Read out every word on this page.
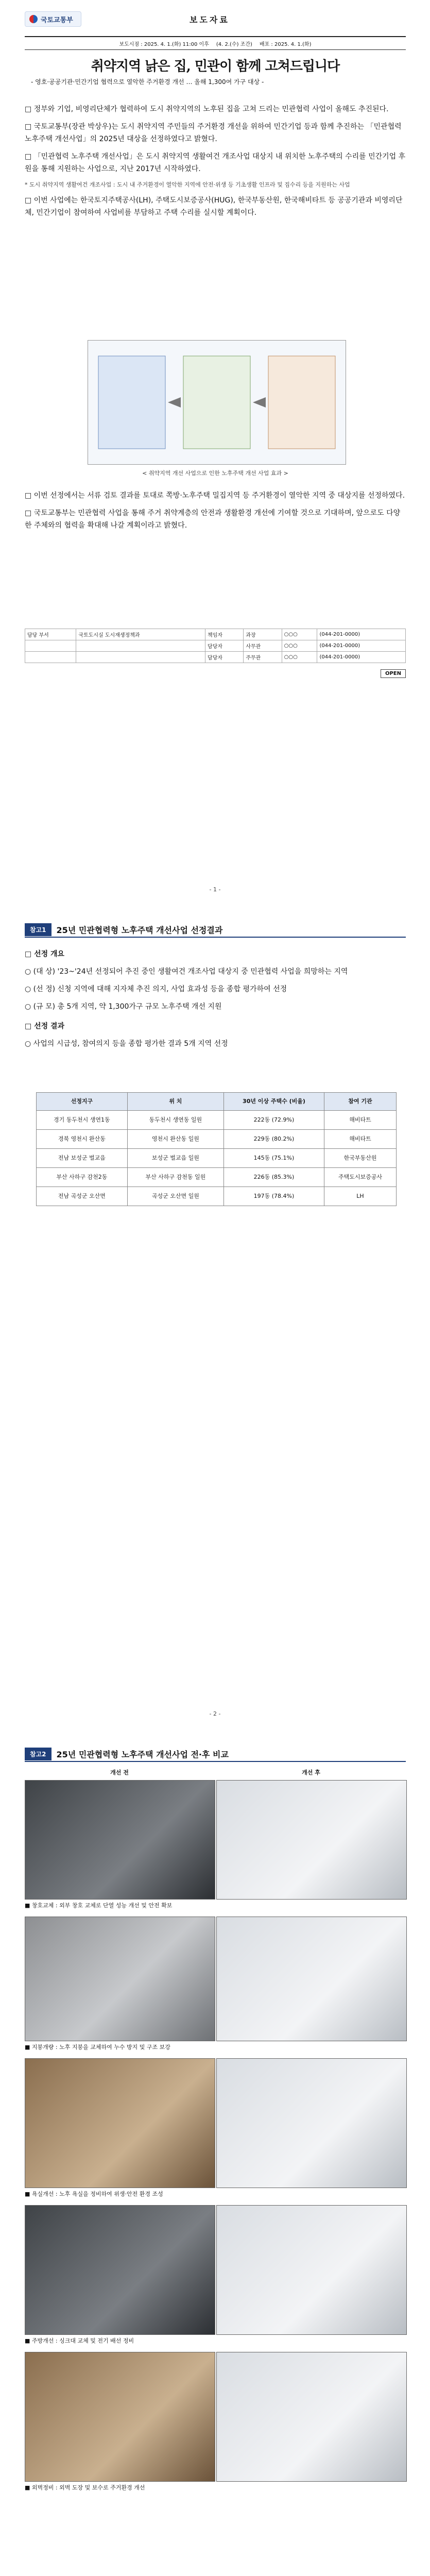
국토교통부	보도자료
보도시점 : 2025. 4. 1.(화) 11:00 이후 (4. 2.(수) 조간) 배포 : 2025. 4. 1.(화)
취약지역 낡은 집, 민관이 함께 고쳐드립니다
- 영호·공공기관·민간기업 협력으로 열악한 주거환경 개선 … 올해 1,300여 가구 대상 -

□ 정부와 기업, 비영리단체가 협력하여 도시 취약지역의 노후된 집을 고쳐 드리는 민관협력 사업이 올해도 추진된다.

□ 국토교통부(장관 박상우)는 도시 취약지역 주민들의 주거환경 개선을 위하여 민간기업 등과 함께 추진하는 「민관협력 노후주택 개선사업」의 2025년 대상을 선정하였다고 밝혔다.

□ 「민관협력 노후주택 개선사업」은 도시 취약지역 생활여건 개조사업 대상지 내 위치한 노후주택의 수리를 민간기업 후원을 통해 지원하는 사업으로, 지난 2017년 시작하였다.

* 도시 취약지역 생활여건 개조사업 : 도시 내 주거환경이 열악한 지역에 안전·위생 등 기초생활 인프라 및 집수리 등을 지원하는 사업

□ 이번 사업에는 한국토지주택공사(LH), 주택도시보증공사(HUG), 한국부동산원, 한국해비타트 등 공공기관과 비영리단체, 민간기업이 참여하여 사업비를 부담하고 주택 수리를 실시할 계획이다.

< 취약지역 개선 사업으로 인한 노후주택 개선 사업 효과 >

□ 이번 선정에서는 서류 검토 결과를 토대로 쪽방·노후주택 밀집지역 등 주거환경이 열악한 지역 중 대상지를 선정하였다.

□ 국토교통부는 민관협력 사업을 통해 주거 취약계층의 안전과 생활환경 개선에 기여할 것으로 기대하며, 앞으로도 다양한 주체와의 협력을 확대해 나갈 계획이라고 밝혔다.

담당 부서	국토도시실 도시재생정책과	책임자	과장	○○○	(044-201-0000)
		담당자	사무관	○○○	(044-201-0000)
		담당자	주무관	○○○	(044-201-0000)
OPEN
- 1 -
참고1	25년 민관협력형 노후주택 개선사업 선정결과

□ 선정 개요

○ (대 상) '23~'24년 선정되어 추진 중인 생활여건 개조사업 대상지 중 민관협력 사업을 희망하는 지역

○ (선 정) 신청 지역에 대해 지자체 추진 의지, 사업 효과성 등을 종합 평가하여 선정

○ (규 모) 총 5개 지역, 약 1,300가구 규모 노후주택 개선 지원

□ 선정 결과

○ 사업의 시급성, 참여의지 등을 종합 평가한 결과 5개 지역 선정

선정지구	위 치	30년 이상 주택수 (비율)	참여 기관
경기 동두천시 생연1동	동두천시 생연동 일원	222동 (72.9%)	해비타트
경북 영천시 완산동	영천시 완산동 일원	229동 (80.2%)	해비타트
전남 보성군 벌교읍	보성군 벌교읍 일원	145동 (75.1%)	한국부동산원
부산 사하구 감천2동	부산 사하구 감천동 일원	226동 (85.3%)	주택도시보증공사
전남 곡성군 오산면	곡성군 오산면 일원	197동 (78.4%)	LH
- 2 -
참고2	25년 민관협력형 노후주택 개선사업 전·후 비교
개선 전	개선 후
■ 창호교체 : 외부 창호 교체로 단열 성능 개선 및 안전 확보
■ 지붕개량 : 노후 지붕을 교체하여 누수 방지 및 구조 보강
■ 욕실개선 : 노후 욕실을 정비하여 위생·안전 환경 조성
■ 주방개선 : 싱크대 교체 및 전기 배선 정비
■ 외벽정비 : 외벽 도장 및 보수로 주거환경 개선
